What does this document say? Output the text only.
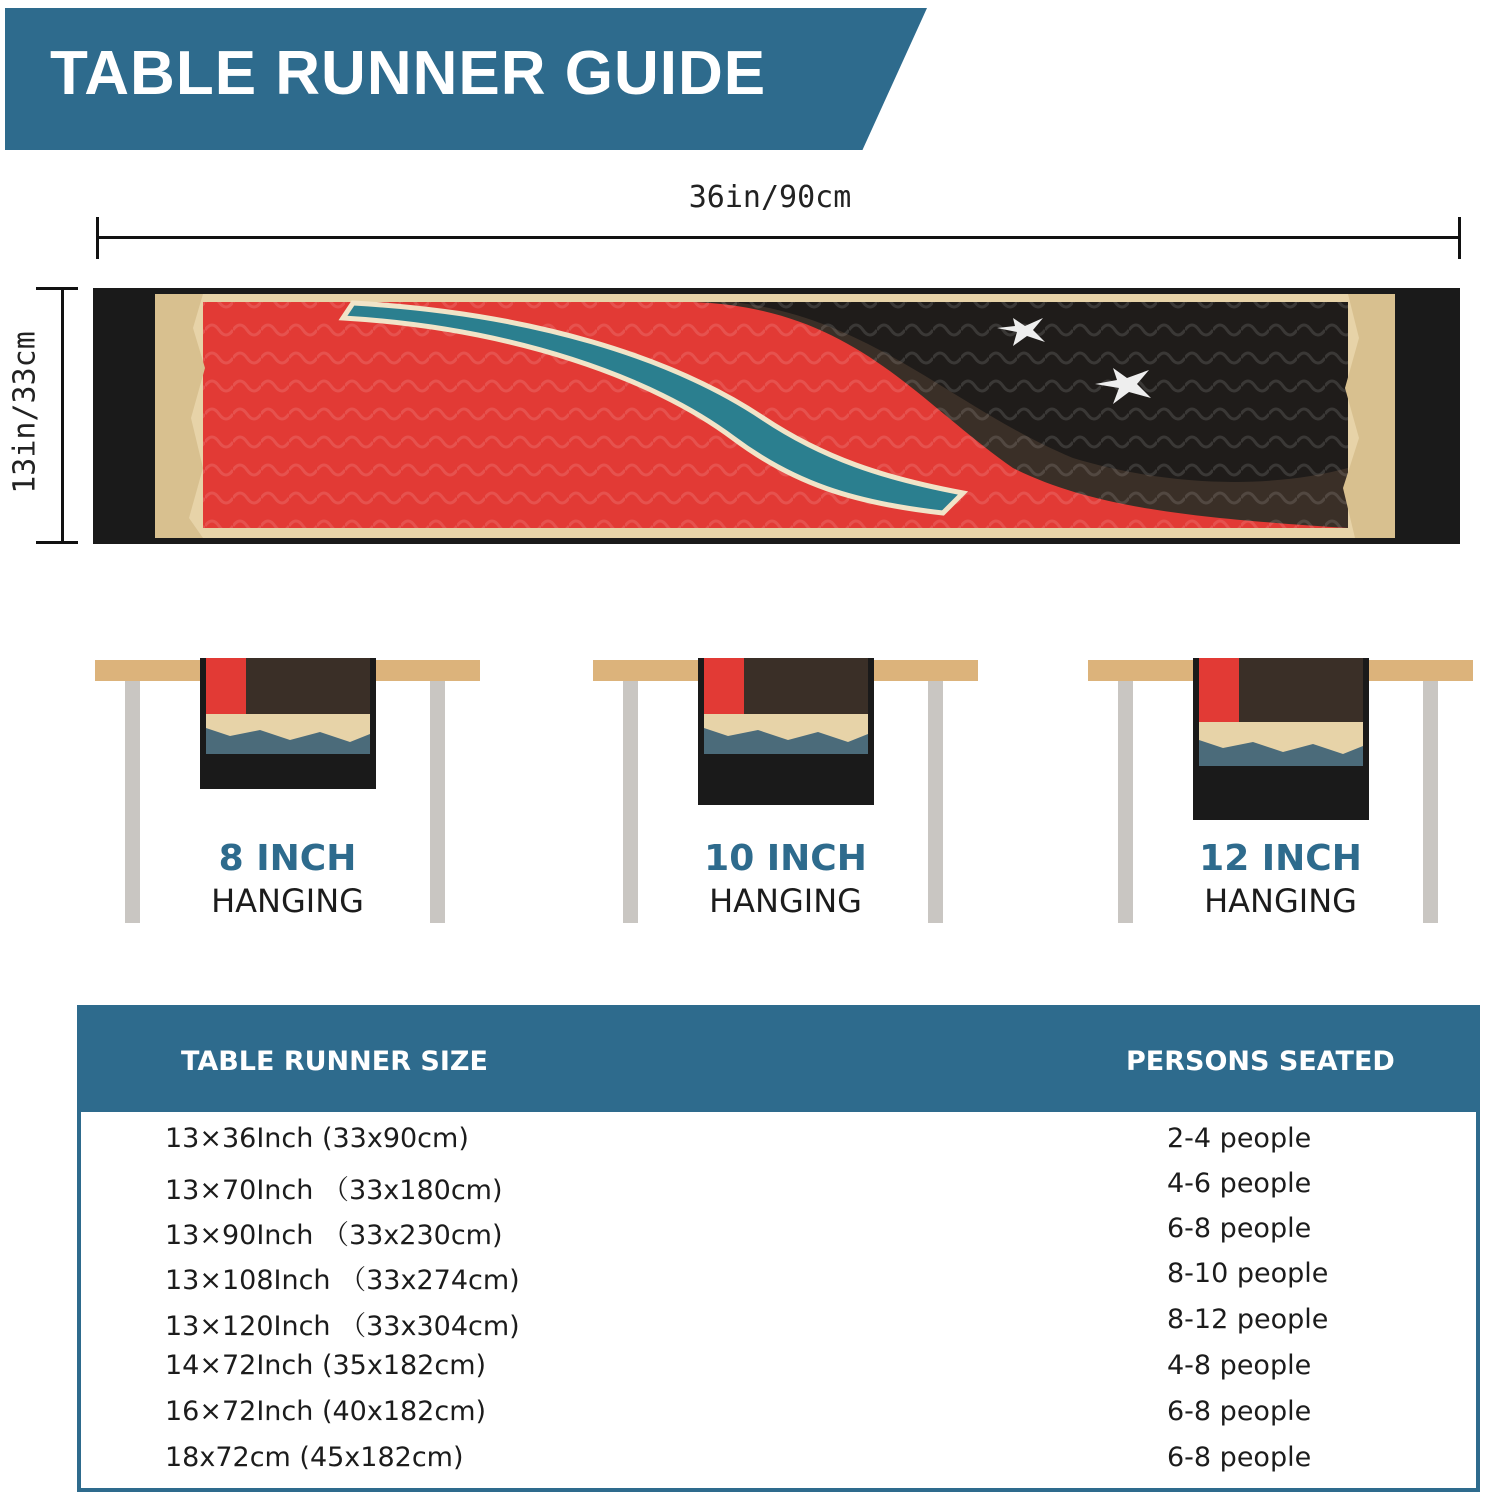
TABLE RUNNER GUIDE
36in/90cm
13in/33cm
8 INCH
HANGING
10 INCH
HANGING
12 INCH
HANGING
TABLE RUNNER SIZE	PERSONS SEATED
13×36Inch (33x90cm)	2-4 people
13×70Inch （33x180cm)	4-6 people
13×90Inch （33x230cm)	6-8 people
13×108Inch （33x274cm)	8-10 people
13×120Inch （33x304cm)	8-12 people
14×72Inch (35x182cm)	4-8 people
16×72Inch (40x182cm)	6-8 people
18x72cm (45x182cm)	6-8 people
